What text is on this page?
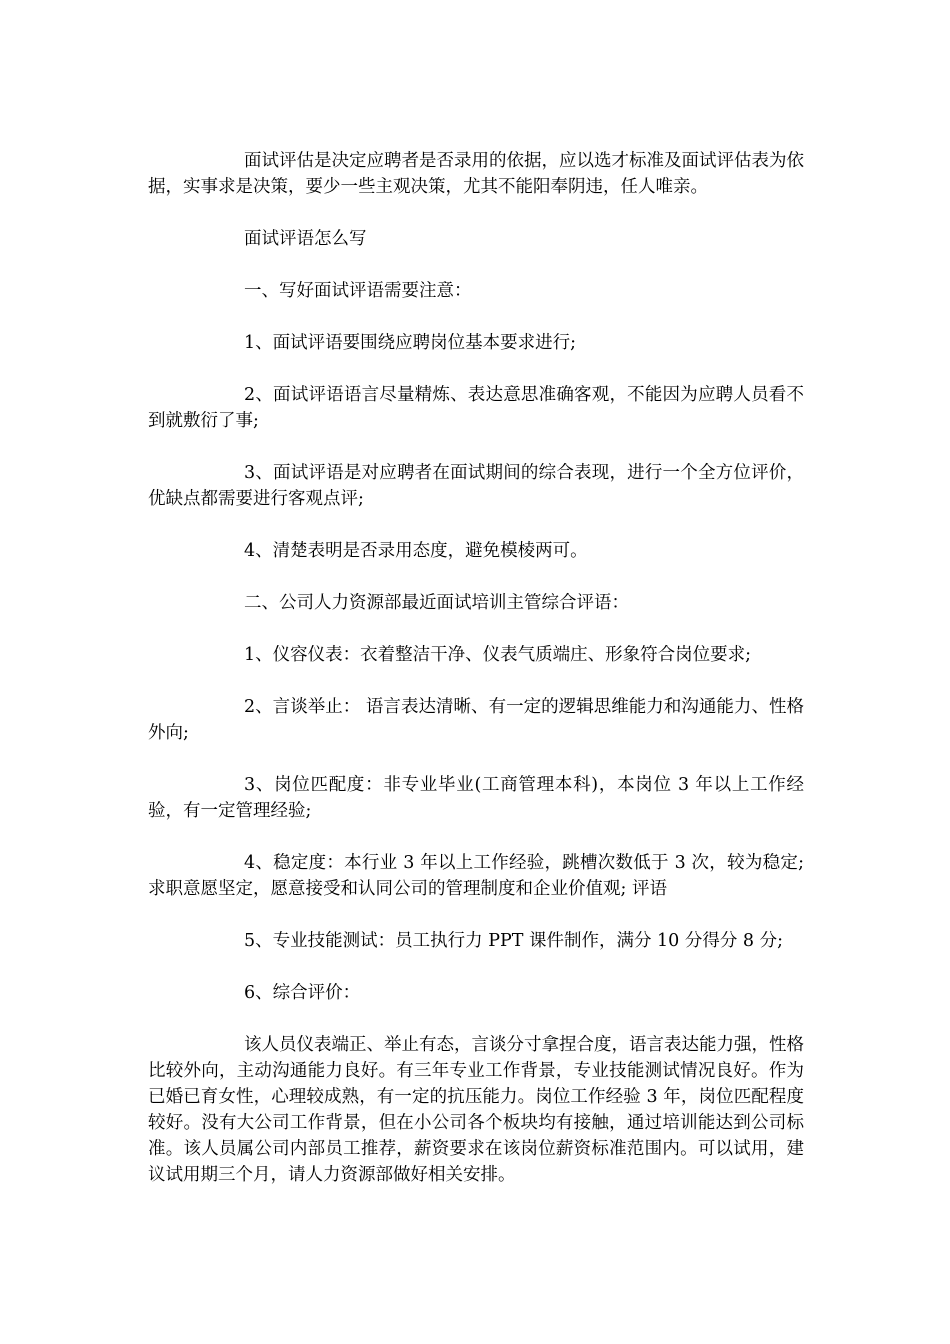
面试评估是决定应聘者是否录用的依据，应以选才标准及面试评估表为依据，实事求是决策，要少一些主观决策，尤其不能阳奉阴违，任人唯亲。

面试评语怎么写

一、写好面试评语需要注意：

1、面试评语要围绕应聘岗位基本要求进行;

2、面试评语语言尽量精炼、表达意思准确客观，不能因为应聘人员看不到就敷衍了事;

3、面试评语是对应聘者在面试期间的综合表现，进行一个全方位评价，优缺点都需要进行客观点评;

4、清楚表明是否录用态度，避免模棱两可。

二、公司人力资源部最近面试培训主管综合评语：

1、仪容仪表：衣着整洁干净、仪表气质端庄、形象符合岗位要求;

2、言谈举止： 语言表达清晰、有一定的逻辑思维能力和沟通能力、性格外向;

3、岗位匹配度：非专业毕业(工商管理本科)，本岗位 3 年以上工作经验，有一定管理经验;

4、稳定度：本行业 3 年以上工作经验，跳槽次数低于 3 次，较为稳定;求职意愿坚定，愿意接受和认同公司的管理制度和企业价值观; 评语

5、专业技能测试：员工执行力 PPT 课件制作，满分 10 分得分 8 分;

6、综合评价：

该人员仪表端正、举止有态，言谈分寸拿捏合度，语言表达能力强，性格比较外向，主动沟通能力良好。有三年专业工作背景，专业技能测试情况良好。作为已婚已育女性，心理较成熟，有一定的抗压能力。岗位工作经验 3 年，岗位匹配程度较好。没有大公司工作背景，但在小公司各个板块均有接触，通过培训能达到公司标准。该人员属公司内部员工推荐，薪资要求在该岗位薪资标准范围内。可以试用，建议试用期三个月，请人力资源部做好相关安排。
